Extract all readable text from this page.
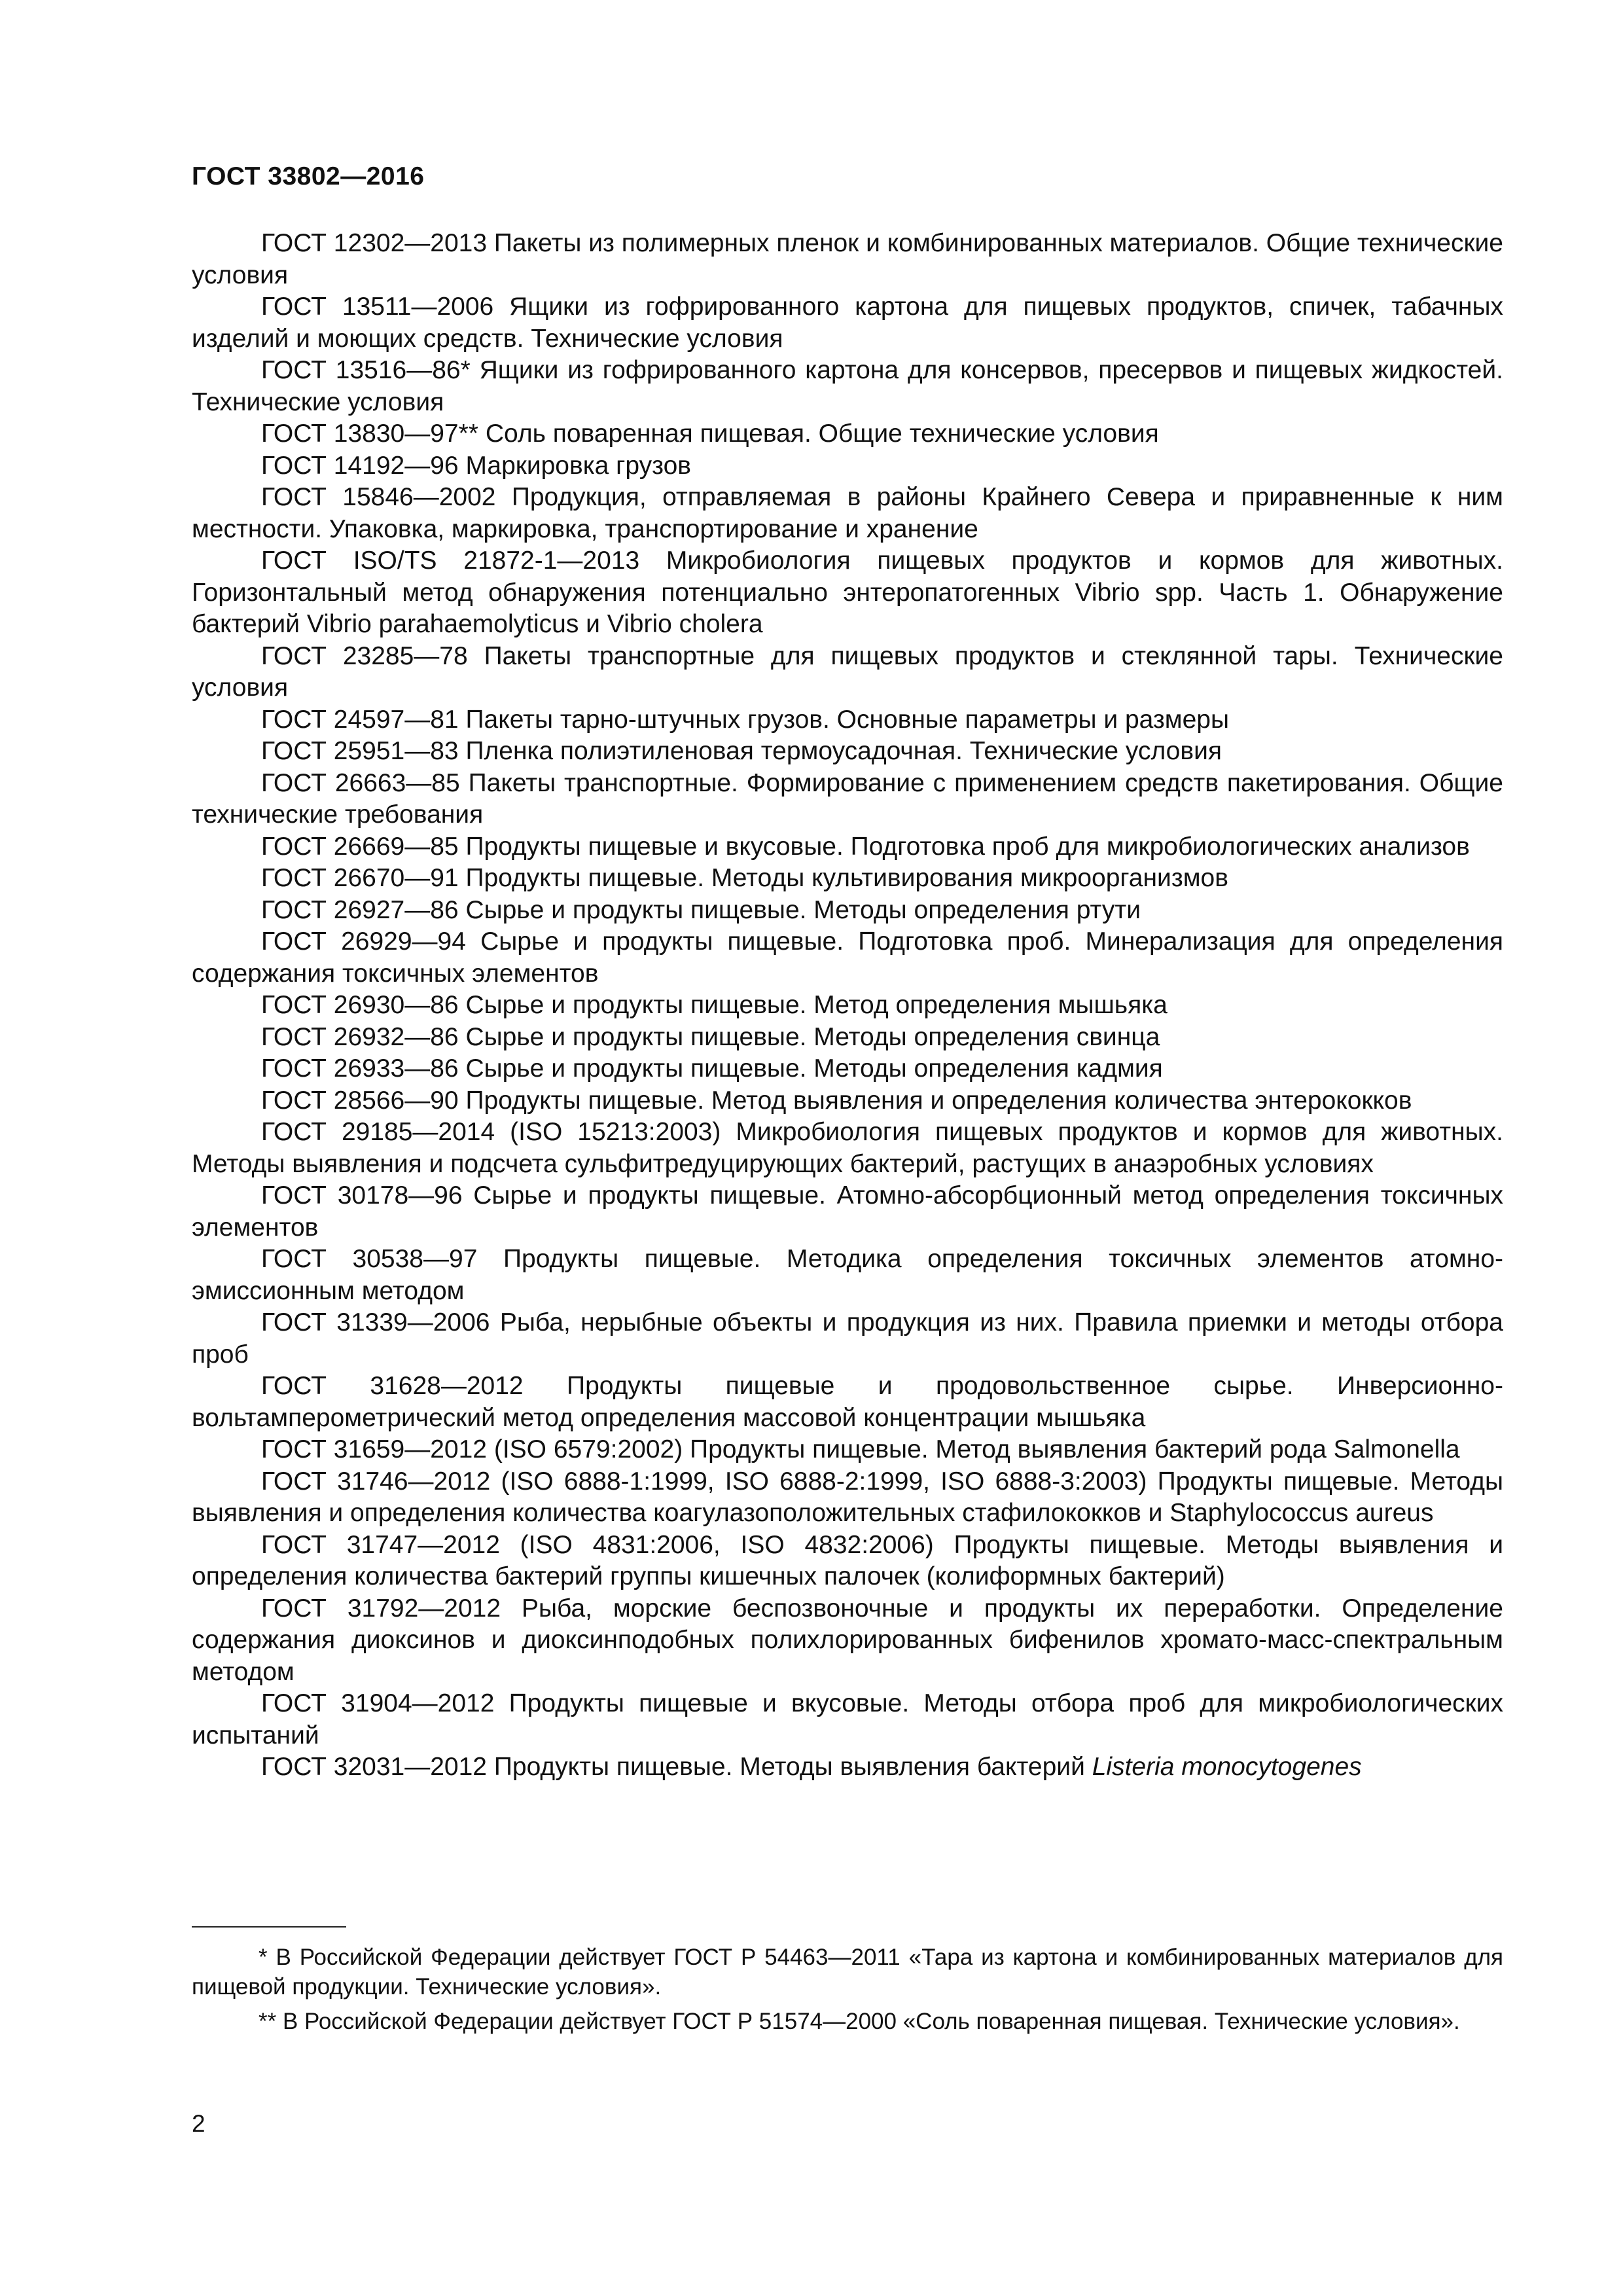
ГОСТ 33802—2016

ГОСТ 12302—2013 Пакеты из полимерных пленок и комбинированных материалов. Общие технические условия

ГОСТ 13511—2006 Ящики из гофрированного картона для пищевых продуктов, спичек, табачных изделий и моющих средств. Технические условия

ГОСТ 13516—86* Ящики из гофрированного картона для консервов, пресервов и пищевых жидкостей. Технические условия

ГОСТ 13830—97** Соль поваренная пищевая. Общие технические условия

ГОСТ 14192—96 Маркировка грузов

ГОСТ 15846—2002 Продукция, отправляемая в районы Крайнего Севера и приравненные к ним местности. Упаковка, маркировка, транспортирование и хранение

ГОСТ ISO/TS 21872-1—2013 Микробиология пищевых продуктов и кормов для животных. Горизонтальный метод обнаружения потенциально энтеропатогенных Vibrio spp. Часть 1. Обнаружение бактерий Vibrio parahaemolyticus и Vibrio cholera

ГОСТ 23285—78 Пакеты транспортные для пищевых продуктов и стеклянной тары. Технические условия

ГОСТ 24597—81 Пакеты тарно-штучных грузов. Основные параметры и размеры

ГОСТ 25951—83 Пленка полиэтиленовая термоусадочная. Технические условия

ГОСТ 26663—85 Пакеты транспортные. Формирование с применением средств пакетирования. Общие технические требования

ГОСТ 26669—85 Продукты пищевые и вкусовые. Подготовка проб для микробиологических анализов

ГОСТ 26670—91 Продукты пищевые. Методы культивирования микроорганизмов

ГОСТ 26927—86 Сырье и продукты пищевые. Методы определения ртути

ГОСТ 26929—94 Сырье и продукты пищевые. Подготовка проб. Минерализация для определения содержания токсичных элементов

ГОСТ 26930—86 Сырье и продукты пищевые. Метод определения мышьяка

ГОСТ 26932—86 Сырье и продукты пищевые. Методы определения свинца

ГОСТ 26933—86 Сырье и продукты пищевые. Методы определения кадмия

ГОСТ 28566—90 Продукты пищевые. Метод выявления и определения количества энтерококков

ГОСТ 29185—2014 (ISO 15213:2003) Микробиология пищевых продуктов и кормов для животных. Методы выявления и подсчета сульфитредуцирующих бактерий, растущих в анаэробных условиях

ГОСТ 30178—96 Сырье и продукты пищевые. Атомно-абсорбционный метод определения токсичных элементов

ГОСТ 30538—97 Продукты пищевые. Методика определения токсичных элементов атомно-эмиссионным методом

ГОСТ 31339—2006 Рыба, нерыбные объекты и продукция из них. Правила приемки и методы отбора проб

ГОСТ 31628—2012 Продукты пищевые и продовольственное сырье. Инверсионно-вольтамперометрический метод определения массовой концентрации мышьяка

ГОСТ 31659—2012 (ISO 6579:2002) Продукты пищевые. Метод выявления бактерий рода Salmonella

ГОСТ 31746—2012 (ISO 6888-1:1999, ISO 6888-2:1999, ISO 6888-3:2003) Продукты пищевые. Методы выявления и определения количества коагулазоположительных стафилококков и Staphylococcus aureus

ГОСТ 31747—2012 (ISO 4831:2006, ISO 4832:2006) Продукты пищевые. Методы выявления и определения количества бактерий группы кишечных палочек (колиформных бактерий)

ГОСТ 31792—2012 Рыба, морские беспозвоночные и продукты их переработки. Определение содержания диоксинов и диоксинподобных полихлорированных бифенилов хромато-масс-спектральным методом

ГОСТ 31904—2012 Продукты пищевые и вкусовые. Методы отбора проб для микробиологических испытаний

ГОСТ 32031—2012 Продукты пищевые. Методы выявления бактерий Listeria monocytogenes

* В Российской Федерации действует ГОСТ Р 54463—2011 «Тара из картона и комбинированных материалов для пищевой продукции. Технические условия».

** В Российской Федерации действует ГОСТ Р 51574—2000 «Соль поваренная пищевая. Технические условия».

2
